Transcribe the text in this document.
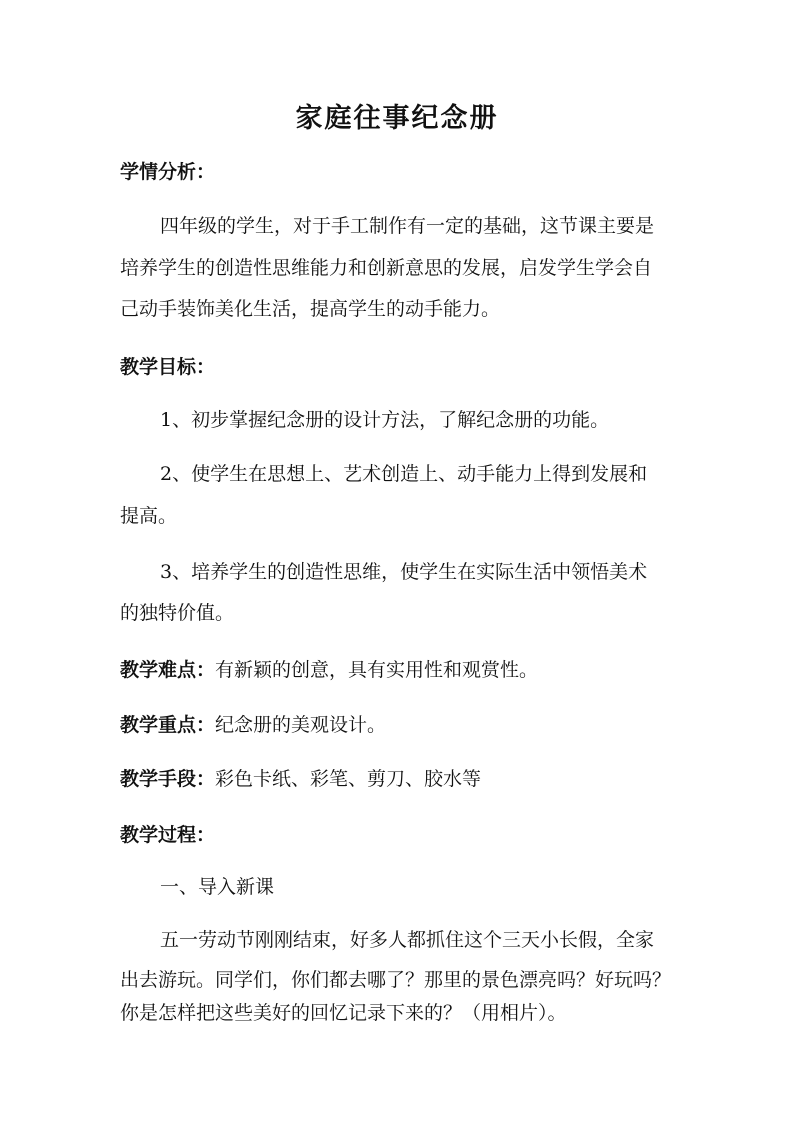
家庭往事纪念册
学情分析：
四年级的学生，对于手工制作有一定的基础，这节课主要是
培养学生的创造性思维能力和创新意思的发展，启发学生学会自
己动手装饰美化生活，提高学生的动手能力。
教学目标：
1、初步掌握纪念册的设计方法，了解纪念册的功能。
2、使学生在思想上、艺术创造上、动手能力上得到发展和
提高。
3、培养学生的创造性思维，使学生在实际生活中领悟美术
的独特价值。
教学难点：有新颖的创意，具有实用性和观赏性。
教学重点：纪念册的美观设计。
教学手段：彩色卡纸、彩笔、剪刀、胶水等
教学过程：
一、导入新课
五一劳动节刚刚结束，好多人都抓住这个三天小长假，全家
出去游玩。同学们，你们都去哪了？那里的景色漂亮吗？好玩吗？
你是怎样把这些美好的回忆记录下来的？（用相片）。
